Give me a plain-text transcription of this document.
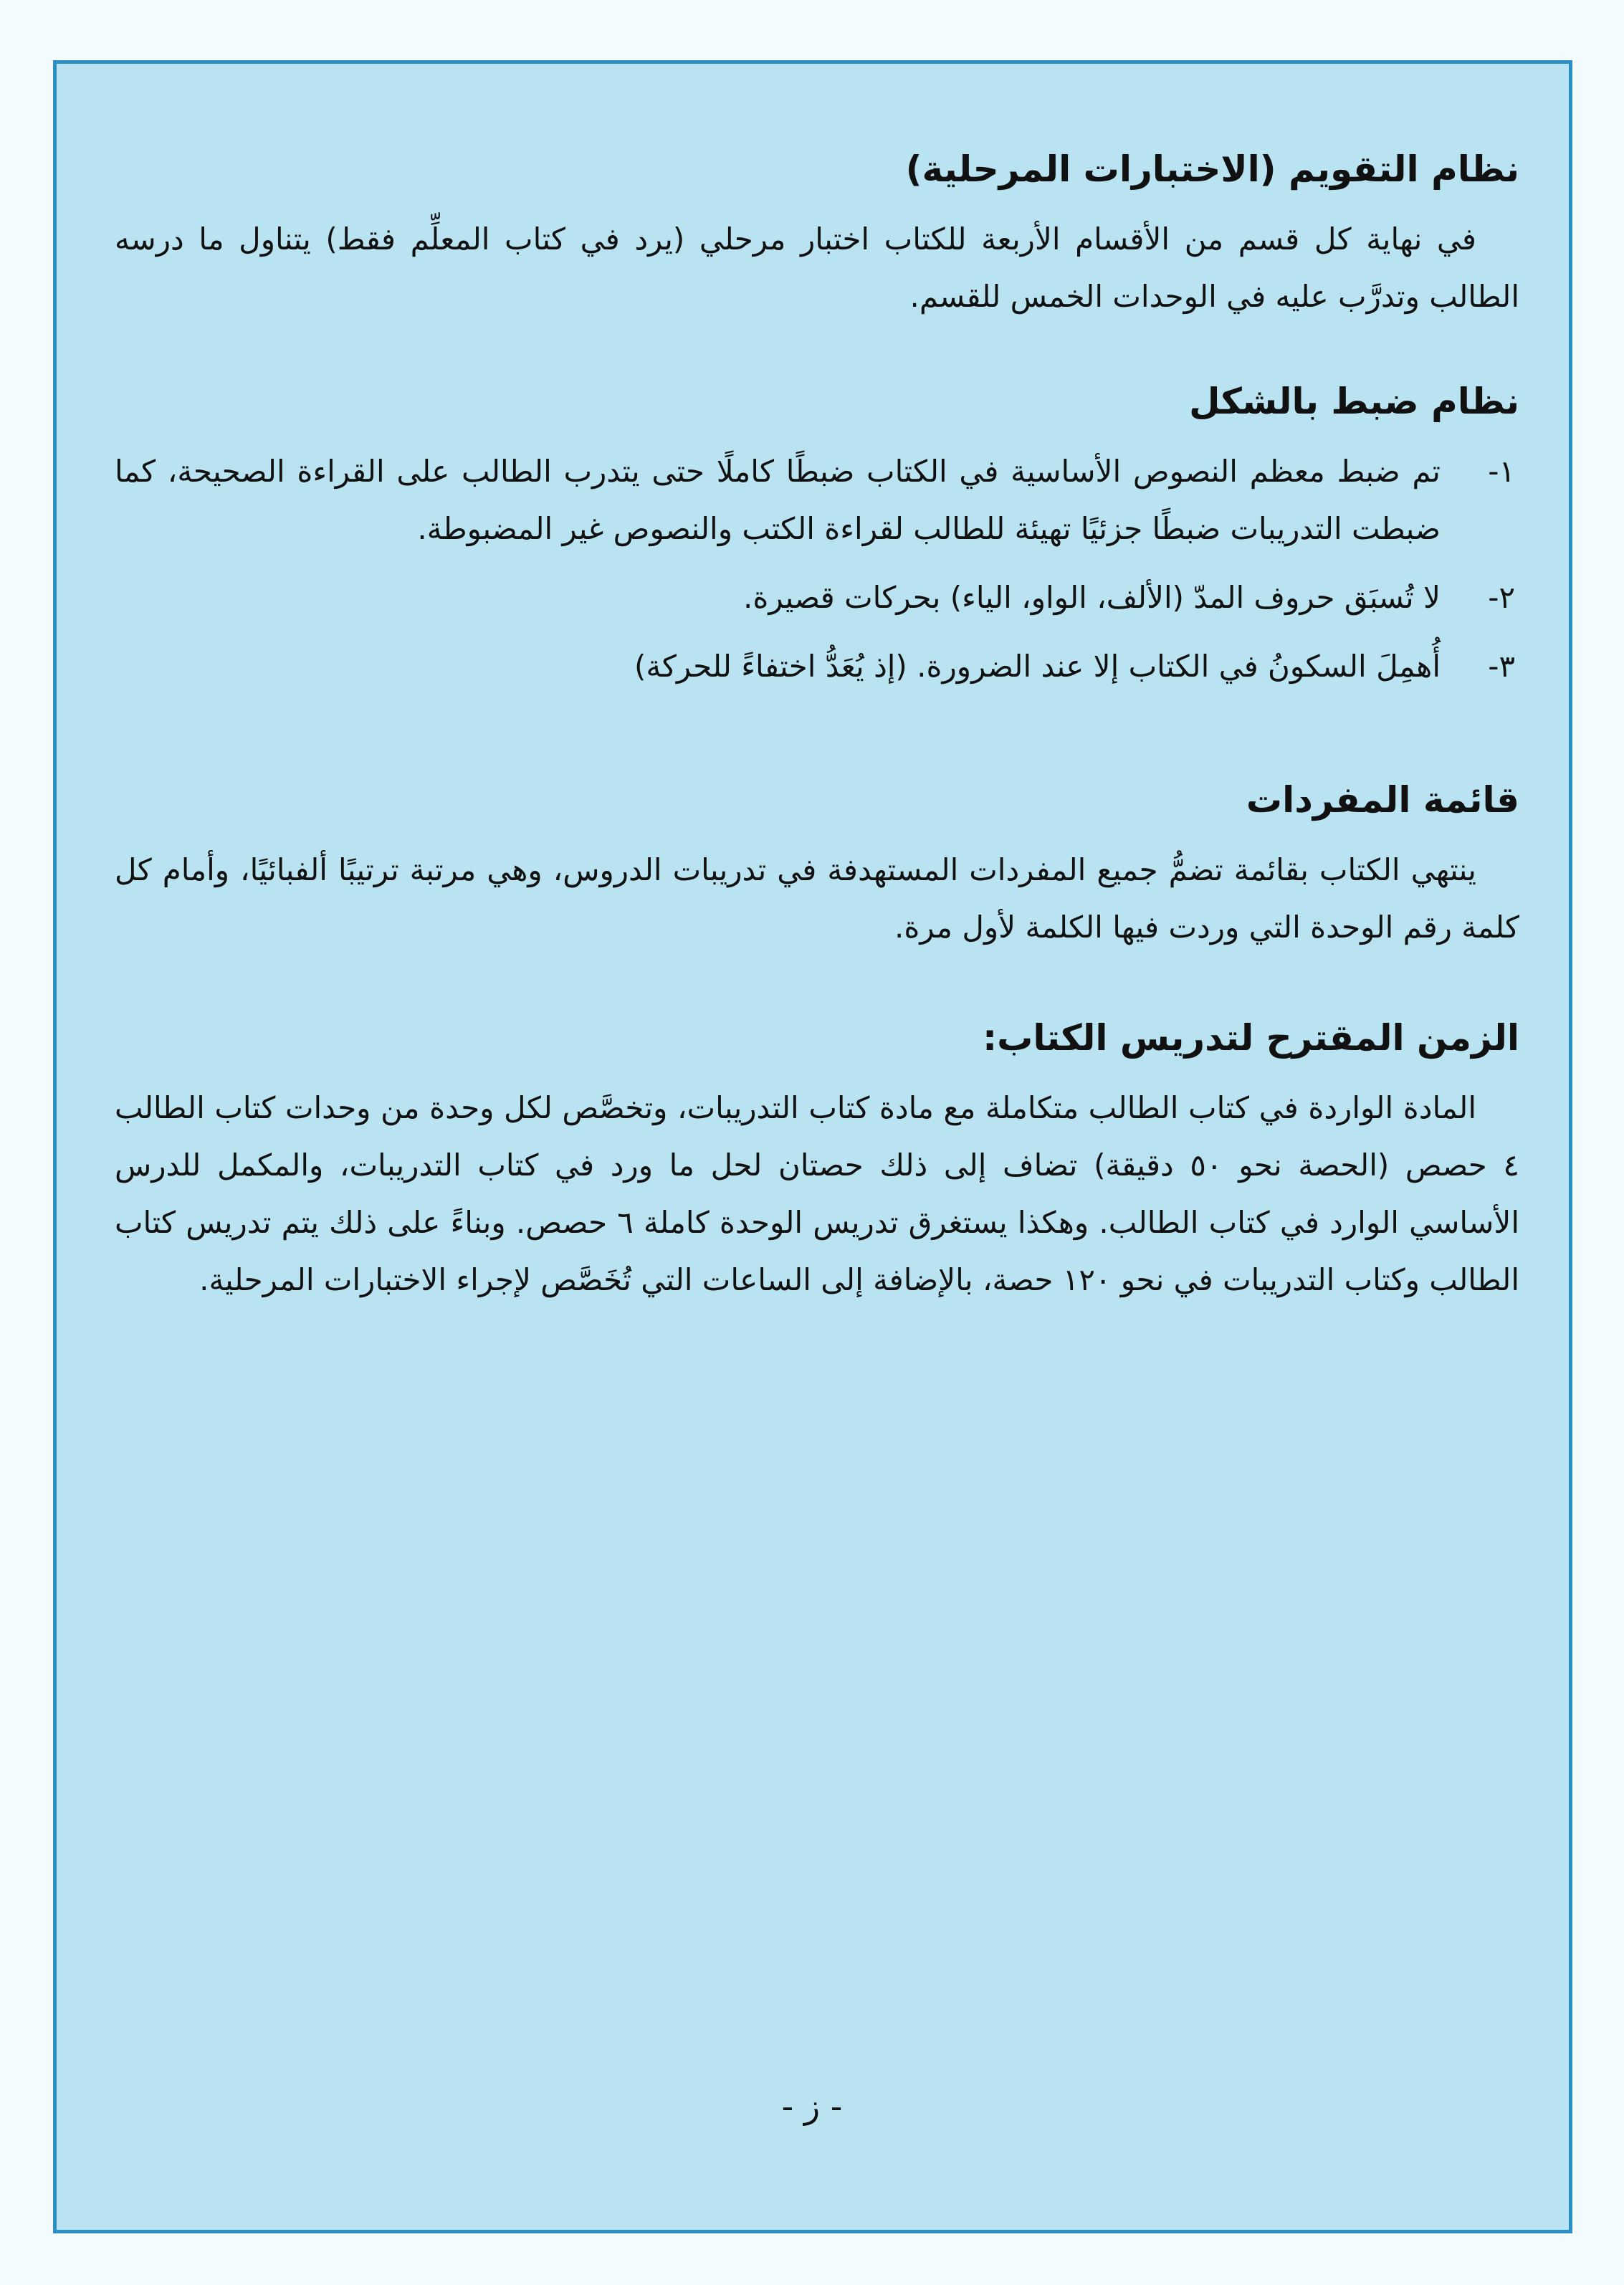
نظام التقويم (الاختبارات المرحلية)

في نهاية كل قسم من الأقسام الأربعة للكتاب اختبار مرحلي (يرد في كتاب المعلِّم فقط) يتناول ما درسه الطالب وتدرَّب عليه في الوحدات الخمس للقسم.

نظام ضبط بالشكل
١-
تم ضبط معظم النصوص الأساسية في الكتاب ضبطًا كاملًا حتى يتدرب الطالب على القراءة الصحيحة، كما ضبطت التدريبات ضبطًا جزئيًا تهيئة للطالب لقراءة الكتب والنصوص غير المضبوطة.
٢-
لا تُسبَق حروف المدّ (الألف، الواو، الياء) بحركات قصيرة.
٣-
أُهمِلَ السكونُ في الكتاب إلا عند الضرورة. (إذ يُعَدُّ اختفاءً للحركة)
قائمة المفردات

ينتهي الكتاب بقائمة تضمُّ جميع المفردات المستهدفة في تدريبات الدروس، وهي مرتبة ترتيبًا ألفبائيًا، وأمام كل كلمة رقم الوحدة التي وردت فيها الكلمة لأول مرة.

الزمن المقترح لتدريس الكتاب:

المادة الواردة في كتاب الطالب متكاملة مع مادة كتاب التدريبات، وتخصَّص لكل وحدة من وحدات كتاب الطالب ٤ حصص (الحصة نحو ٥٠ دقيقة) تضاف إلى ذلك حصتان لحل ما ورد في كتاب التدريبات، والمكمل للدرس الأساسي الوارد في كتاب الطالب. وهكذا يستغرق تدريس الوحدة كاملة ٦ حصص. وبناءً على ذلك يتم تدريس كتاب الطالب وكتاب التدريبات في نحو ١٢٠ حصة، بالإضافة إلى الساعات التي تُخَصَّص لإجراء الاختبارات المرحلية.

- ز -
